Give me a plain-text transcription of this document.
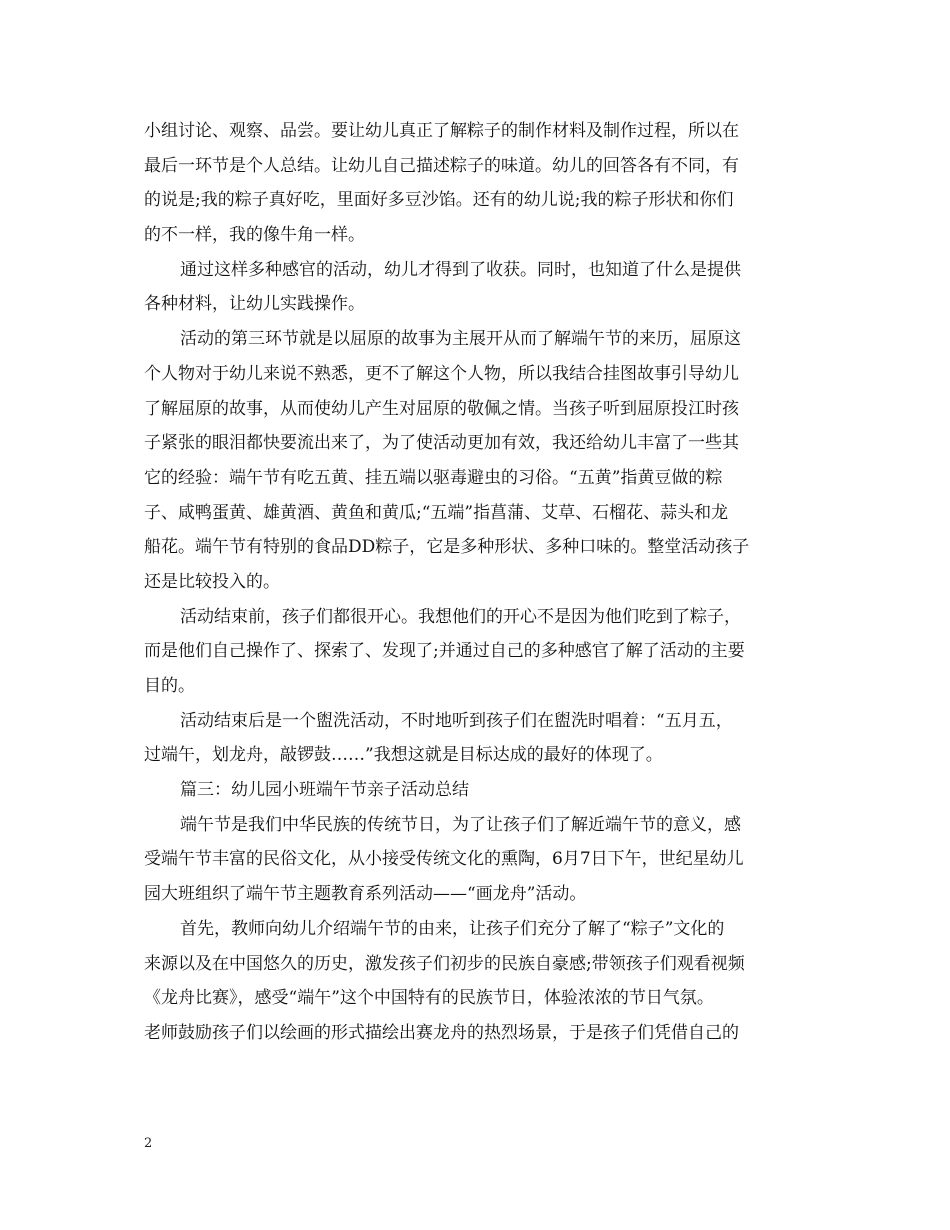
小组讨论、观察、品尝。要让幼儿真正了解粽子的制作材料及制作过程，所以在
最后一环节是个人总结。让幼儿自己描述粽子的味道。幼儿的回答各有不同，有
的说是;我的粽子真好吃，里面好多豆沙馅。还有的幼儿说;我的粽子形状和你们
的不一样，我的像牛角一样。
通过这样多种感官的活动，幼儿才得到了收获。同时，也知道了什么是提供
各种材料，让幼儿实践操作。
活动的第三环节就是以屈原的故事为主展开从而了解端午节的来历，屈原这
个人物对于幼儿来说不熟悉，更不了解这个人物，所以我结合挂图故事引导幼儿
了解屈原的故事，从而使幼儿产生对屈原的敬佩之情。当孩子听到屈原投江时孩
子紧张的眼泪都快要流出来了，为了使活动更加有效，我还给幼儿丰富了一些其
它的经验：端午节有吃五黄、挂五端以驱毒避虫的习俗。“五黄”指黄豆做的粽
子、咸鸭蛋黄、雄黄酒、黄鱼和黄瓜;“五端”指菖蒲、艾草、石榴花、蒜头和龙
船花。端午节有特别的食品DD粽子，它是多种形状、多种口味的。整堂活动孩子
还是比较投入的。
活动结束前，孩子们都很开心。我想他们的开心不是因为他们吃到了粽子，
而是他们自己操作了、探索了、发现了;并通过自己的多种感官了解了活动的主要
目的。
活动结束后是一个盥洗活动，不时地听到孩子们在盥洗时唱着：“五月五，
过端午，划龙舟，敲锣鼓……”我想这就是目标达成的最好的体现了。
篇三：幼儿园小班端午节亲子活动总结
端午节是我们中华民族的传统节日，为了让孩子们了解近端午节的意义，感
受端午节丰富的民俗文化，从小接受传统文化的熏陶，6月7日下午，世纪星幼儿
园大班组织了端午节主题教育系列活动——“画龙舟”活动。
首先，教师向幼儿介绍端午节的由来，让孩子们充分了解了“粽子”文化的
来源以及在中国悠久的历史，激发孩子们初步的民族自豪感;带领孩子们观看视频
《龙舟比赛》，感受“端午”这个中国特有的民族节日，体验浓浓的节日气氛。
老师鼓励孩子们以绘画的形式描绘出赛龙舟的热烈场景，于是孩子们凭借自己的
2
